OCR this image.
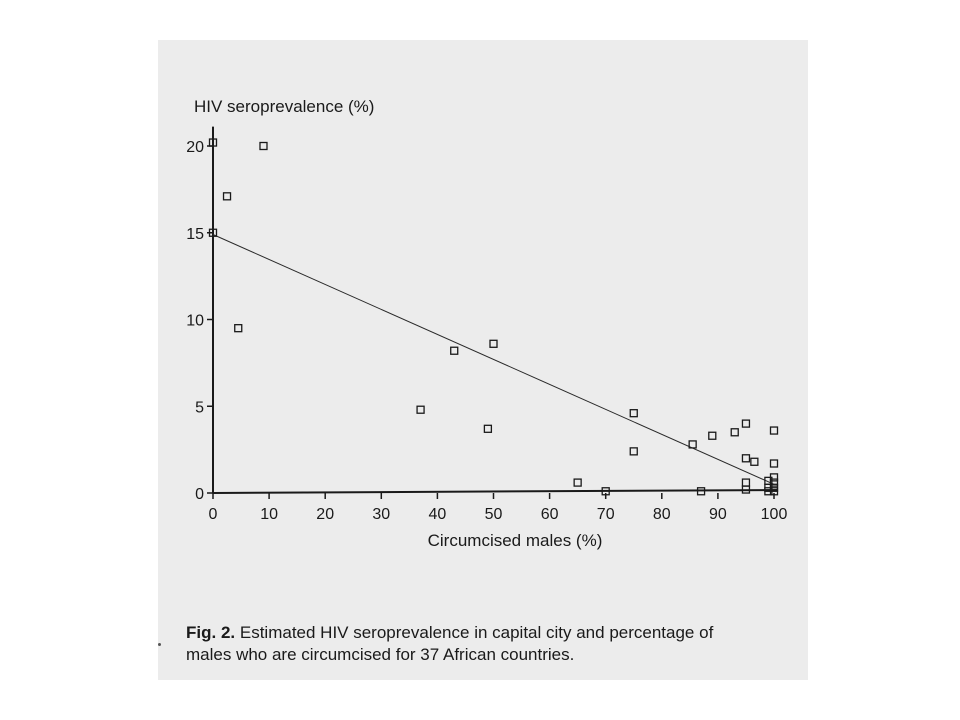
0	10 20 30 40 50 60 70 80 90 100
0
5
10
15
20
HIV seroprevalence (%)
Circumcised males (%)
Fig. 2. Estimated HIV seroprevalence in capital city and percentage of
males who are circumcised for 37 African countries.
